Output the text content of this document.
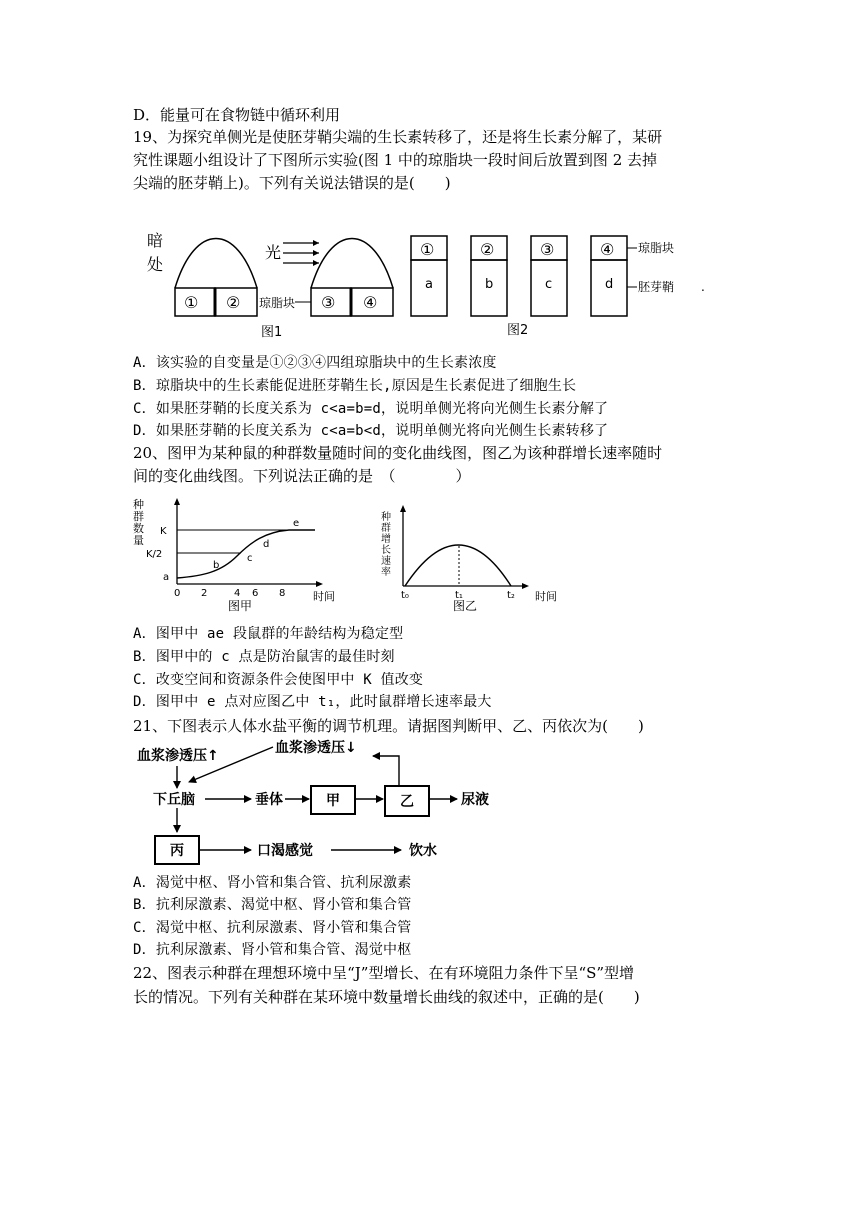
D．能量可在食物链中循环利用
19、为探究单侧光是使胚芽鞘尖端的生长素转移了，还是将生长素分解了，某研
究性课题小组设计了下图所示实验(图 1 中的琼脂块一段时间后放置到图 2 去掉
尖端的胚芽鞘上)。下列有关说法错误的是(　　)
暗
处
① ② 琼脂块
光
③ ④
图1
①
a
②
b
③
c
④
d
琼脂块
胚芽鞘 .
图2
A．该实验的自变量是①②③④四组琼脂块中的生长素浓度
B．琼脂块中的生长素能促进胚芽鞘生长,原因是生长素促进了细胞生长
C．如果胚芽鞘的长度关系为 c<a=b=d，说明单侧光将向光侧生长素分解了
D．如果胚芽鞘的长度关系为 c<a=b<d，说明单侧光将向光侧生长素转移了
20、图甲为某种鼠的种群数量随时间的变化曲线图，图乙为该种群增长速率随时
间的变化曲线图。下列说法正确的是　（　　　　）
种
群
数
量
K
K/2
a
b
c
d
e
0 2	4 6 8	时间
图甲
种
群
增
长
速
率
t₀	t₁	t₂ 时间
图乙
A．图甲中 ae 段鼠群的年龄结构为稳定型
B．图甲中的 c 点是防治鼠害的最佳时刻
C．改变空间和资源条件会使图甲中 K 值改变
D．图甲中 e 点对应图乙中 t₁，此时鼠群增长速率最大
21、下图表示人体水盐平衡的调节机理。请据图判断甲、乙、丙依次为(　　)
血浆渗透压↑	血浆渗透压↓
下丘脑	垂体	甲	乙	尿液
丙	口渴感觉	饮水
A．渴觉中枢、肾小管和集合管、抗利尿激素
B．抗利尿激素、渴觉中枢、肾小管和集合管
C．渴觉中枢、抗利尿激素、肾小管和集合管
D．抗利尿激素、肾小管和集合管、渴觉中枢
22、图表示种群在理想环境中呈“J”型增长、在有环境阻力条件下呈“S”型增
长的情况。下列有关种群在某环境中数量增长曲线的叙述中，正确的是(　　)
